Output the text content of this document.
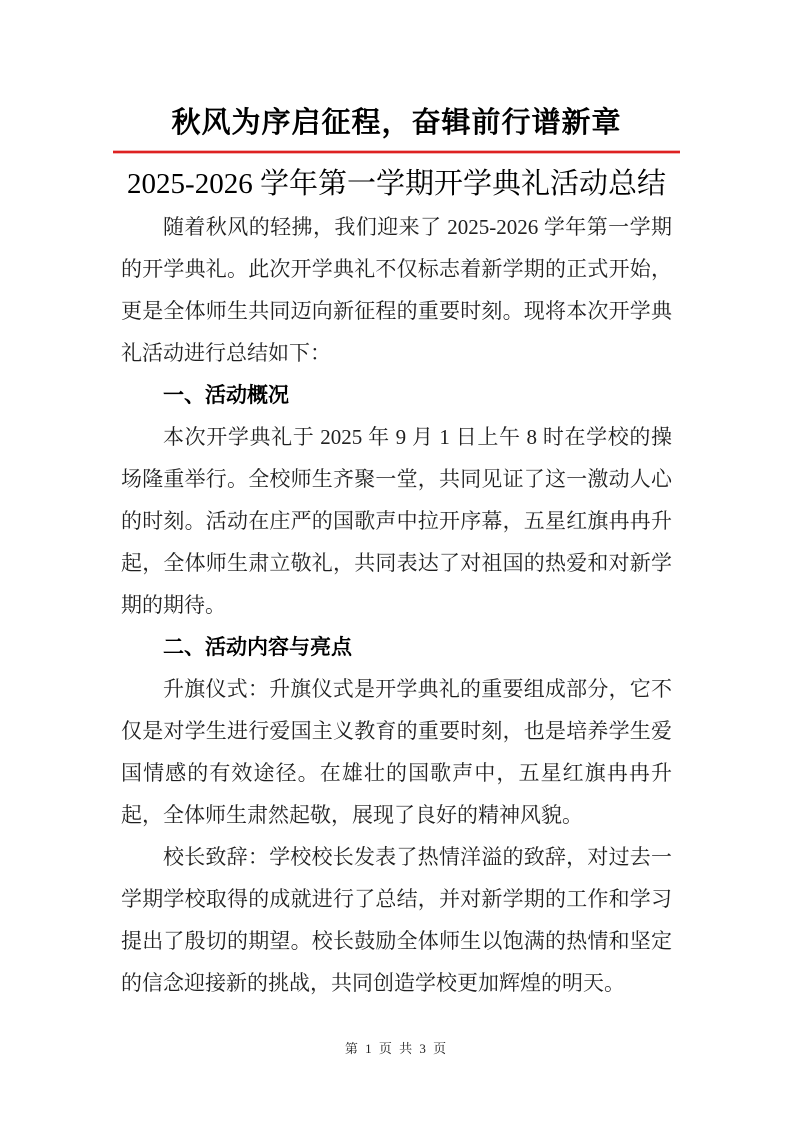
秋风为序启征程，奋辑前行谱新章
2025-2026 学年第一学期开学典礼活动总结

随着秋风的轻拂，我们迎来了 2025-2026 学年第一学期的开学典礼。此次开学典礼不仅标志着新学期的正式开始，更是全体师生共同迈向新征程的重要时刻。现将本次开学典礼活动进行总结如下：

一、活动概况

本次开学典礼于 2025 年 9 月 1 日上午 8 时在学校的操场隆重举行。全校师生齐聚一堂，共同见证了这一激动人心的时刻。活动在庄严的国歌声中拉开序幕，五星红旗冉冉升起，全体师生肃立敬礼，共同表达了对祖国的热爱和对新学期的期待。

二、活动内容与亮点

升旗仪式：升旗仪式是开学典礼的重要组成部分，它不仅是对学生进行爱国主义教育的重要时刻，也是培养学生爱国情感的有效途径。在雄壮的国歌声中，五星红旗冉冉升起，全体师生肃然起敬，展现了良好的精神风貌。

校长致辞：学校校长发表了热情洋溢的致辞，对过去一学期学校取得的成就进行了总结，并对新学期的工作和学习提出了殷切的期望。校长鼓励全体师生以饱满的热情和坚定的信念迎接新的挑战，共同创造学校更加辉煌的明天。

第 1 页 共 3 页
